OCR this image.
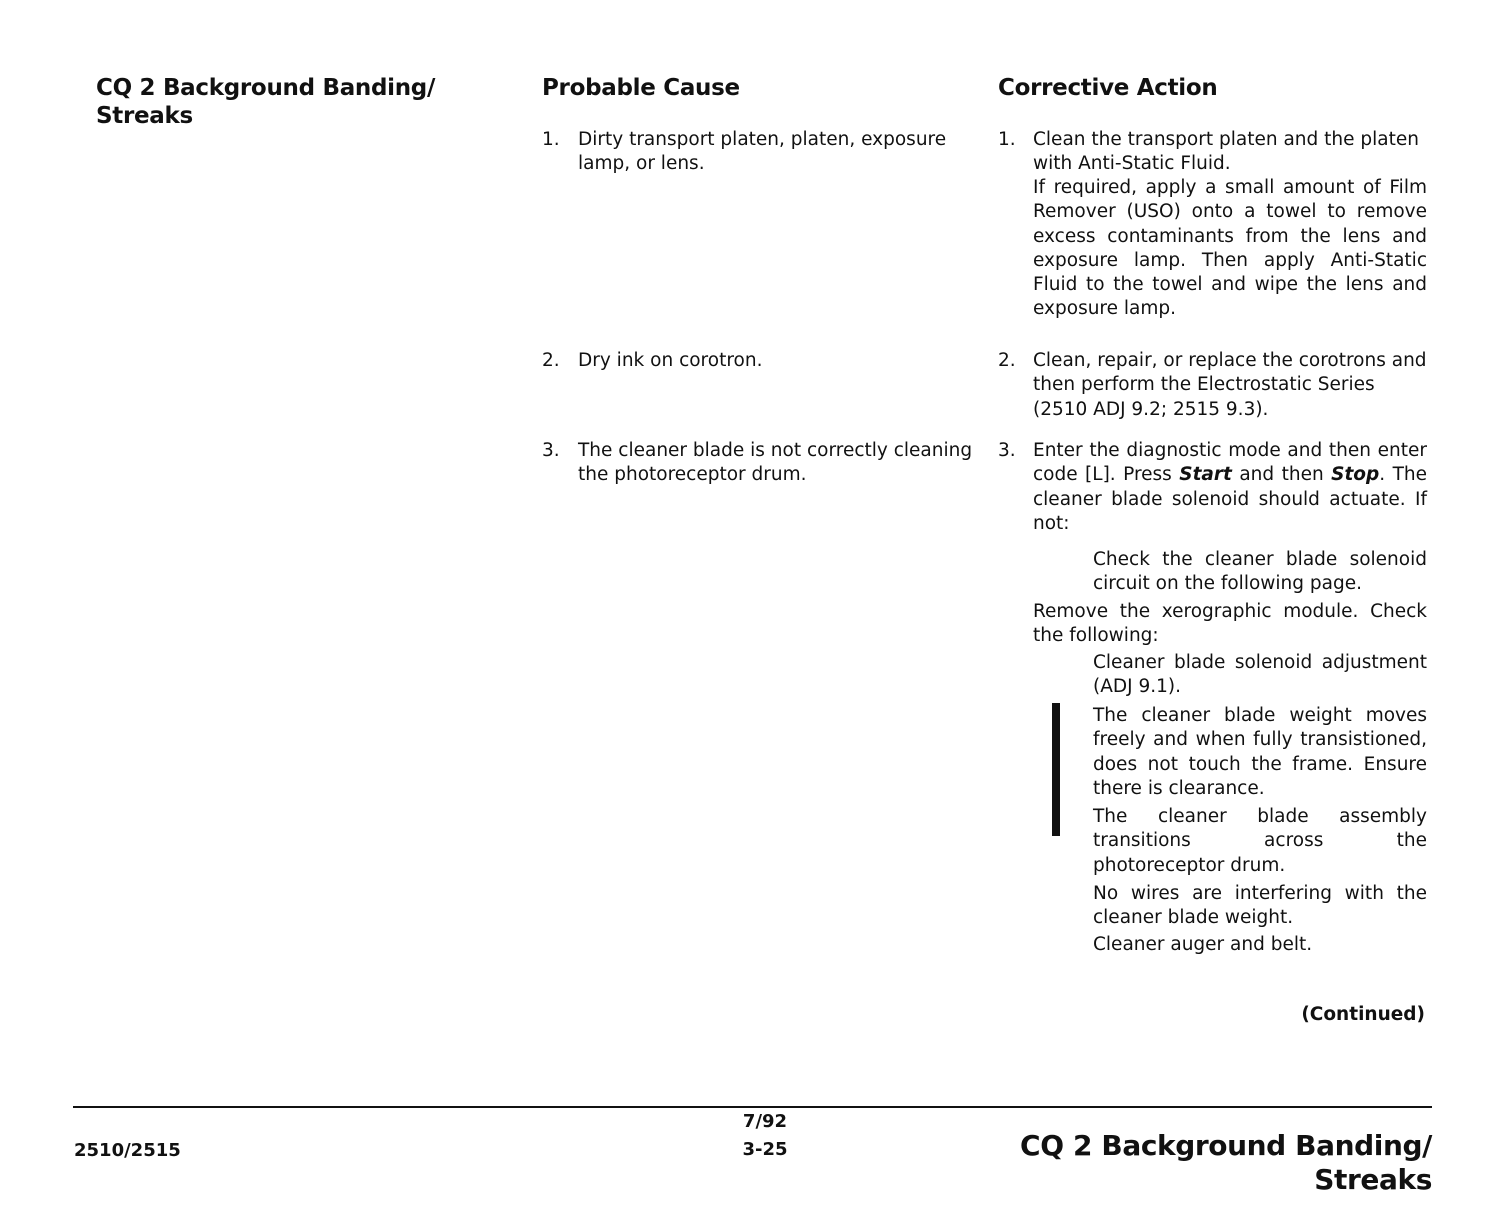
CQ 2 Background Banding/ Streaks
Probable Cause	Corrective Action
1. Dirty transport platen, platen, exposure lamp, or lens.
2. Dry ink on corotron.
3. The cleaner blade is not correctly cleaning the photoreceptor drum.
1. Clean the transport platen and the platen with Anti-Static Fluid.
If required, apply a small amount of Film Remover (USO) onto a towel to remove excess contaminants from the lens and exposure lamp. Then apply Anti-Static Fluid to the towel and wipe the lens and exposure lamp.
2. Clean, repair, or replace the corotrons and then perform the Electrostatic Series (2510 ADJ 9.2; 2515 9.3).
3. Enter the diagnostic mode and then enter code [L]. Press Start and then Stop. The cleaner blade solenoid should actuate. If not:
Check the cleaner blade solenoid circuit on the following page.
Remove the xerographic module. Check the following:
Cleaner blade solenoid adjustment (ADJ 9.1).
The cleaner blade weight moves freely and when fully transistioned, does not touch the frame. Ensure there is clearance.
The cleaner blade assembly transitions across the photoreceptor drum.
No wires are interfering with the cleaner blade weight.
Cleaner auger and belt.
(Continued)
2510/2515
7/92
3-25	CQ 2 Background Banding/ Streaks
